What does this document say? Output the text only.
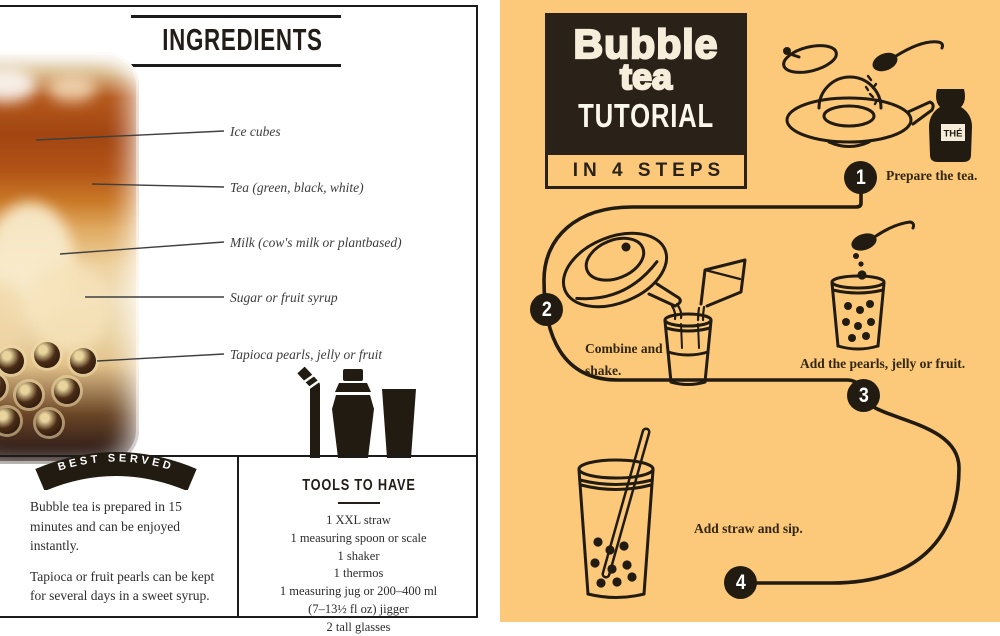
INGREDIENTS
Ice cubes
Tea (green, black, white)
Milk (cow's milk or plantbased)
Sugar or fruit syrup
Tapioca pearls, jelly or fruit

Bubble tea is prepared in 15 minutes and can be enjoyed instantly.

Tapioca or fruit pearls can be kept for several days in a sweet syrup.

TOOLS TO HAVE
1 XXL straw
1 measuring spoon or scale
1 shaker
1 thermos
1 measuring jug or 200–400 ml
(7–13½ fl oz) jigger
2 tall glasses
BEST SERVED
Bubble
tea
TUTORIAL
IN 4 STEPS
THÉ
1
2
3
4
Prepare the tea.
Combine and shake.	Add the pearls, jelly or fruit.
Add straw and sip.
